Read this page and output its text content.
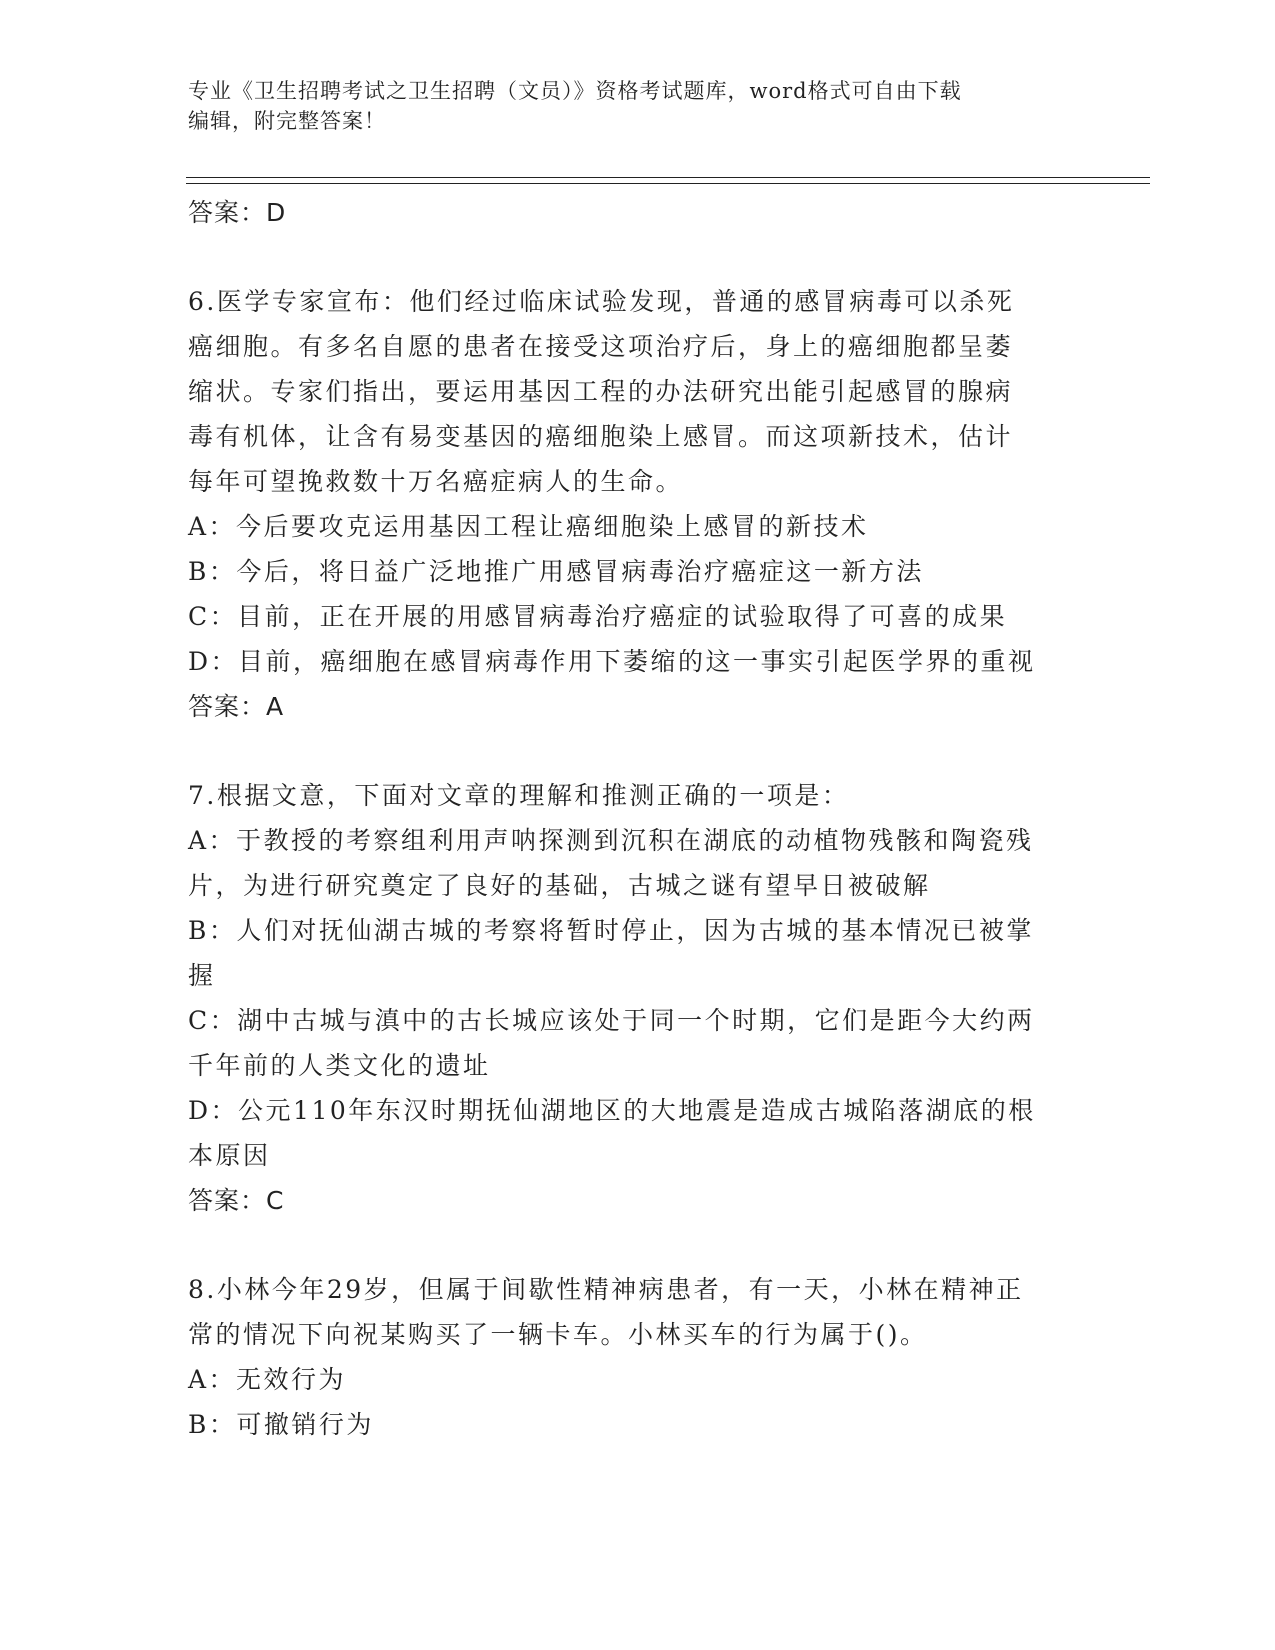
专业《卫生招聘考试之卫生招聘（文员）》资格考试题库，word格式可自由下载
编辑，附完整答案！
答案：D
6.医学专家宣布：他们经过临床试验发现，普通的感冒病毒可以杀死
癌细胞。有多名自愿的患者在接受这项治疗后，身上的癌细胞都呈萎
缩状。专家们指出，要运用基因工程的办法研究出能引起感冒的腺病
毒有机体，让含有易变基因的癌细胞染上感冒。而这项新技术，估计
每年可望挽救数十万名癌症病人的生命。
A：今后要攻克运用基因工程让癌细胞染上感冒的新技术
B：今后，将日益广泛地推广用感冒病毒治疗癌症这一新方法
C：目前，正在开展的用感冒病毒治疗癌症的试验取得了可喜的成果
D：目前，癌细胞在感冒病毒作用下萎缩的这一事实引起医学界的重视
答案：A
7.根据文意，下面对文章的理解和推测正确的一项是：
A：于教授的考察组利用声呐探测到沉积在湖底的动植物残骸和陶瓷残
片，为进行研究奠定了良好的基础，古城之谜有望早日被破解
B：人们对抚仙湖古城的考察将暂时停止，因为古城的基本情况已被掌
握
C：湖中古城与滇中的古长城应该处于同一个时期，它们是距今大约两
千年前的人类文化的遗址
D：公元110年东汉时期抚仙湖地区的大地震是造成古城陷落湖底的根
本原因
答案：C
8.小林今年29岁，但属于间歇性精神病患者，有一天，小林在精神正
常的情况下向祝某购买了一辆卡车。小林买车的行为属于()。
A：无效行为
B：可撤销行为
